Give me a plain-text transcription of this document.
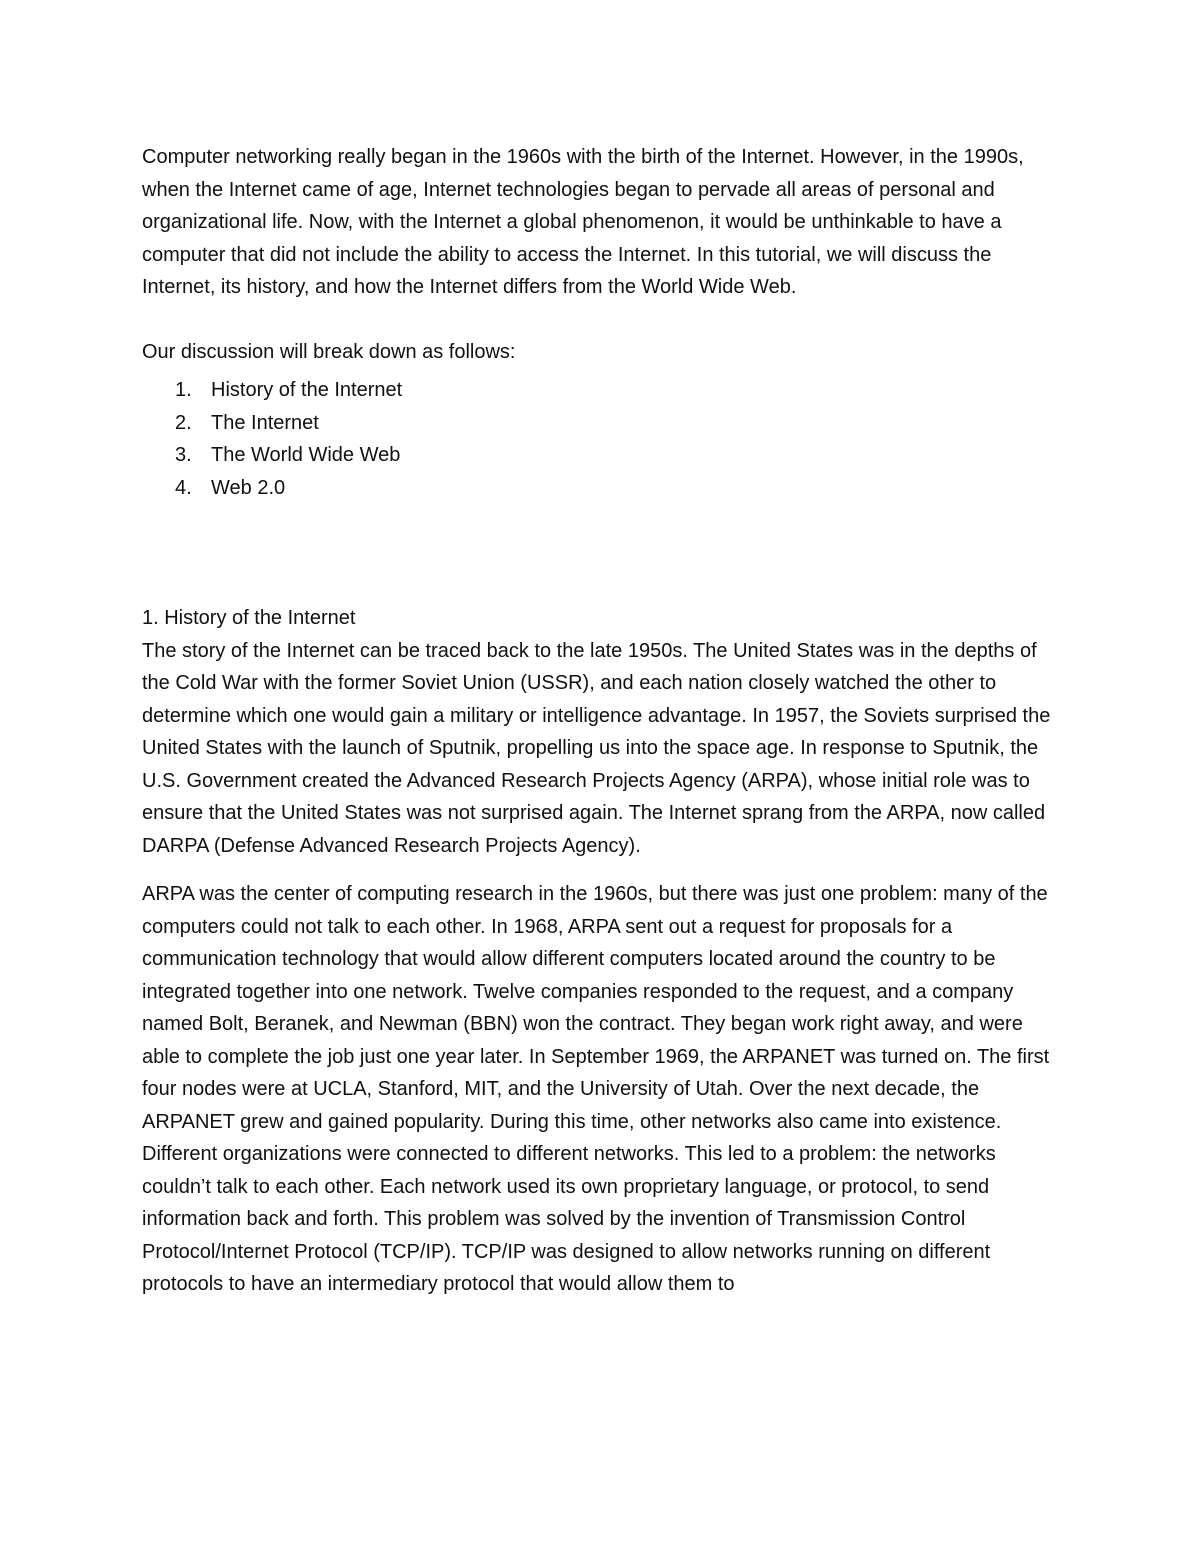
Computer networking really began in the 1960s with the birth of the Internet. However, in the 1990s, when the Internet came of age, Internet technologies began to pervade all areas of personal and organizational life. Now, with the Internet a global phenomenon, it would be unthinkable to have a computer that did not include the ability to access the Internet. In this tutorial, we will discuss the Internet, its history, and how the Internet differs from the World Wide Web.

Our discussion will break down as follows:

1. History of the Internet
2. The Internet
3. The World Wide Web
4. Web 2.0

1. History of the Internet

The story of the Internet can be traced back to the late 1950s. The United States was in the depths of the Cold War with the former Soviet Union (USSR), and each nation closely watched the other to determine which one would gain a military or intelligence advantage. In 1957, the Soviets surprised the United States with the launch of Sputnik, propelling us into the space age. In response to Sputnik, the U.S. Government created the Advanced Research Projects Agency (ARPA), whose initial role was to ensure that the United States was not surprised again. The Internet sprang from the ARPA, now called DARPA (Defense Advanced Research Projects Agency).

ARPA was the center of computing research in the 1960s, but there was just one problem: many of the computers could not talk to each other. In 1968, ARPA sent out a request for proposals for a communication technology that would allow different computers located around the country to be integrated together into one network. Twelve companies responded to the request, and a company named Bolt, Beranek, and Newman (BBN) won the contract. They began work right away, and were able to complete the job just one year later. In September 1969, the ARPANET was turned on. The first four nodes were at UCLA, Stanford, MIT, and the University of Utah. Over the next decade, the ARPANET grew and gained popularity. During this time, other networks also came into existence. Different organizations were connected to different networks. This led to a problem: the networks couldn’t talk to each other. Each network used its own proprietary language, or protocol, to send information back and forth. This problem was solved by the invention of Transmission Control Protocol/Internet Protocol (TCP/IP). TCP/IP was designed to allow networks running on different protocols to have an intermediary protocol that would allow them to
